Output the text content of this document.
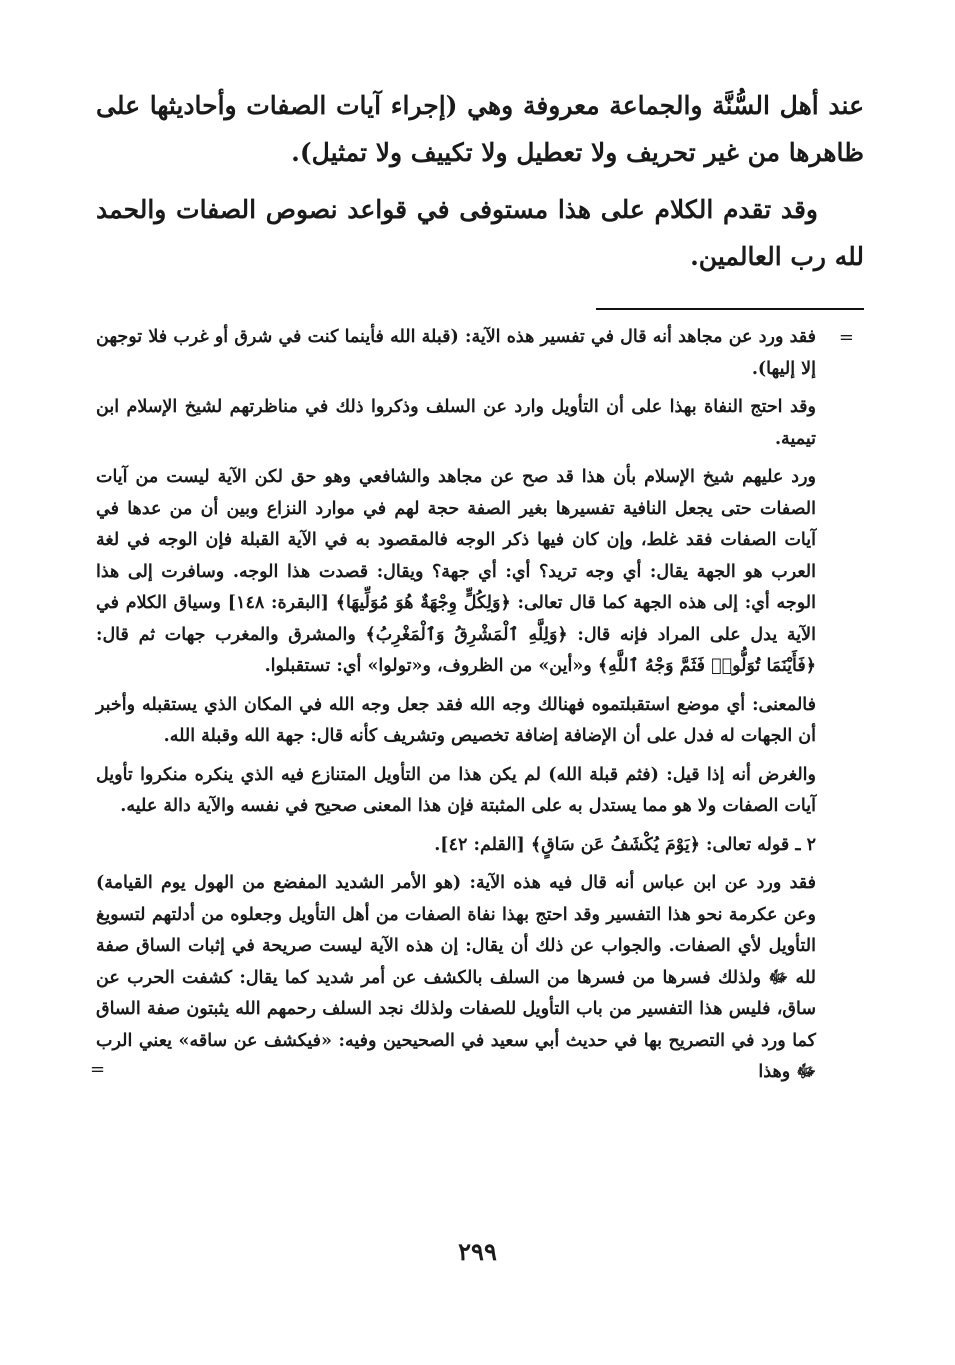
عند أهل السُّنَّة والجماعة معروفة وهي (إجراء آيات الصفات وأحاديثها على ظاهرها من غير تحريف ولا تعطيل ولا تكييف ولا تمثيل).

وقد تقدم الكلام على هذا مستوفى في قواعد نصوص الصفات والحمد لله رب العالمين.

=

فقد ورد عن مجاهد أنه قال في تفسير هذه الآية: (قبلة الله فأينما كنت في شرق أو غرب فلا توجهن إلا إليها).

وقد احتج النفاة بهذا على أن التأويل وارد عن السلف وذكروا ذلك في مناظرتهم لشيخ الإسلام ابن تيمية.

ورد عليهم شيخ الإسلام بأن هذا قد صح عن مجاهد والشافعي وهو حق لكن الآية ليست من آيات الصفات حتى يجعل النافية تفسيرها بغير الصفة حجة لهم في موارد النزاع وبين أن من عدها في آيات الصفات فقد غلط، وإن كان فيها ذكر الوجه فالمقصود به في الآية القبلة فإن الوجه في لغة العرب هو الجهة يقال: أي وجه تريد؟ أي: أي جهة؟ ويقال: قصدت هذا الوجه. وسافرت إلى هذا الوجه أي: إلى هذه الجهة كما قال تعالى: ﴿وَلِكُلٍّ وِجْهَةٌ هُوَ مُوَلِّيهَا﴾ [البقرة: ١٤٨] وسياق الكلام في الآية يدل على المراد فإنه قال: ﴿وَلِلَّهِ ٱلْمَشْرِقُ وَٱلْمَغْرِبُ﴾ والمشرق والمغرب جهات ثم قال: ﴿فَأَيْنَمَا تُوَلُّوا۟ فَثَمَّ وَجْهُ ٱللَّهِ﴾ و«أين» من الظروف، و«تولوا» أي: تستقبلوا.

فالمعنى: أي موضع استقبلتموه فهنالك وجه الله فقد جعل وجه الله في المكان الذي يستقبله وأخبر أن الجهات له فدل على أن الإضافة إضافة تخصيص وتشريف كأنه قال: جهة الله وقبلة الله.

والغرض أنه إذا قيل: (فثم قبلة الله) لم يكن هذا من التأويل المتنازع فيه الذي ينكره منكروا تأويل آيات الصفات ولا هو مما يستدل به على المثبتة فإن هذا المعنى صحيح في نفسه والآية دالة عليه.

٢ ـ قوله تعالى: ﴿يَوْمَ يُكْشَفُ عَن سَاقٍ﴾ [القلم: ٤٢].

فقد ورد عن ابن عباس أنه قال فيه هذه الآية: (هو الأمر الشديد المفضع من الهول يوم القيامة) وعن عكرمة نحو هذا التفسير وقد احتج بهذا نفاة الصفات من أهل التأويل وجعلوه من أدلتهم لتسويغ التأويل لأي الصفات. والجواب عن ذلك أن يقال: إن هذه الآية ليست صريحة في إثبات الساق صفة لله ﷻ ولذلك فسرها من فسرها من السلف بالكشف عن أمر شديد كما يقال: كشفت الحرب عن ساق، فليس هذا التفسير من باب التأويل للصفات ولذلك نجد السلف رحمهم الله يثبتون صفة الساق كما ورد في التصريح بها في حديث أبي سعيد في الصحيحين وفيه: «فيكشف عن ساقه» يعني الرب ﷻ وهذا

=
٢٩٩
